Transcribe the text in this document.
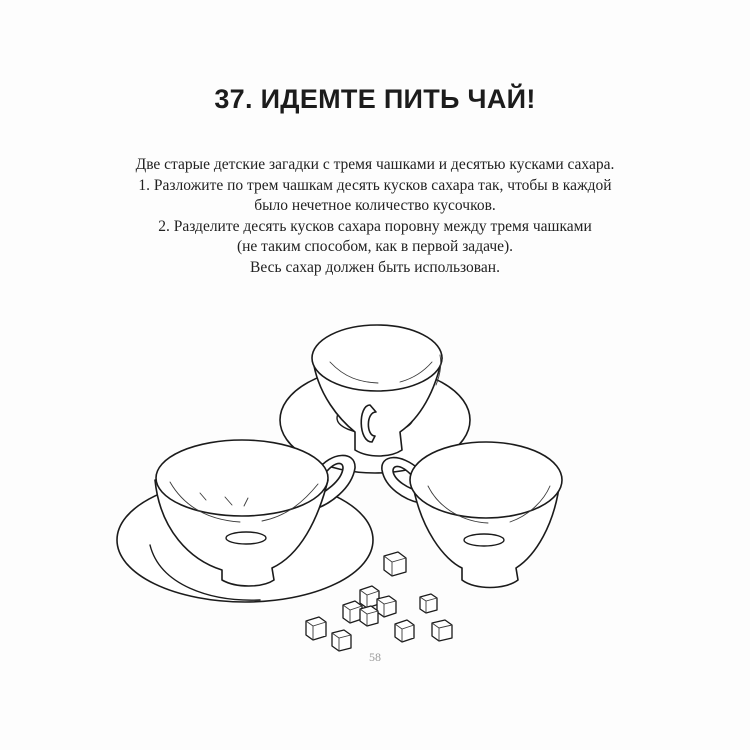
37. ИДЕМТЕ ПИТЬ ЧАЙ!
Две старые детские загадки с тремя чашками и десятью кусками сахара.
1. Разложите по трем чашкам десять кусков сахара так, чтобы в каждой
было нечетное количество кусочков.
2. Разделите десять кусков сахара поровну между тремя чашками
(не таким способом, как в первой задаче).
Весь сахар должен быть использован.
58
